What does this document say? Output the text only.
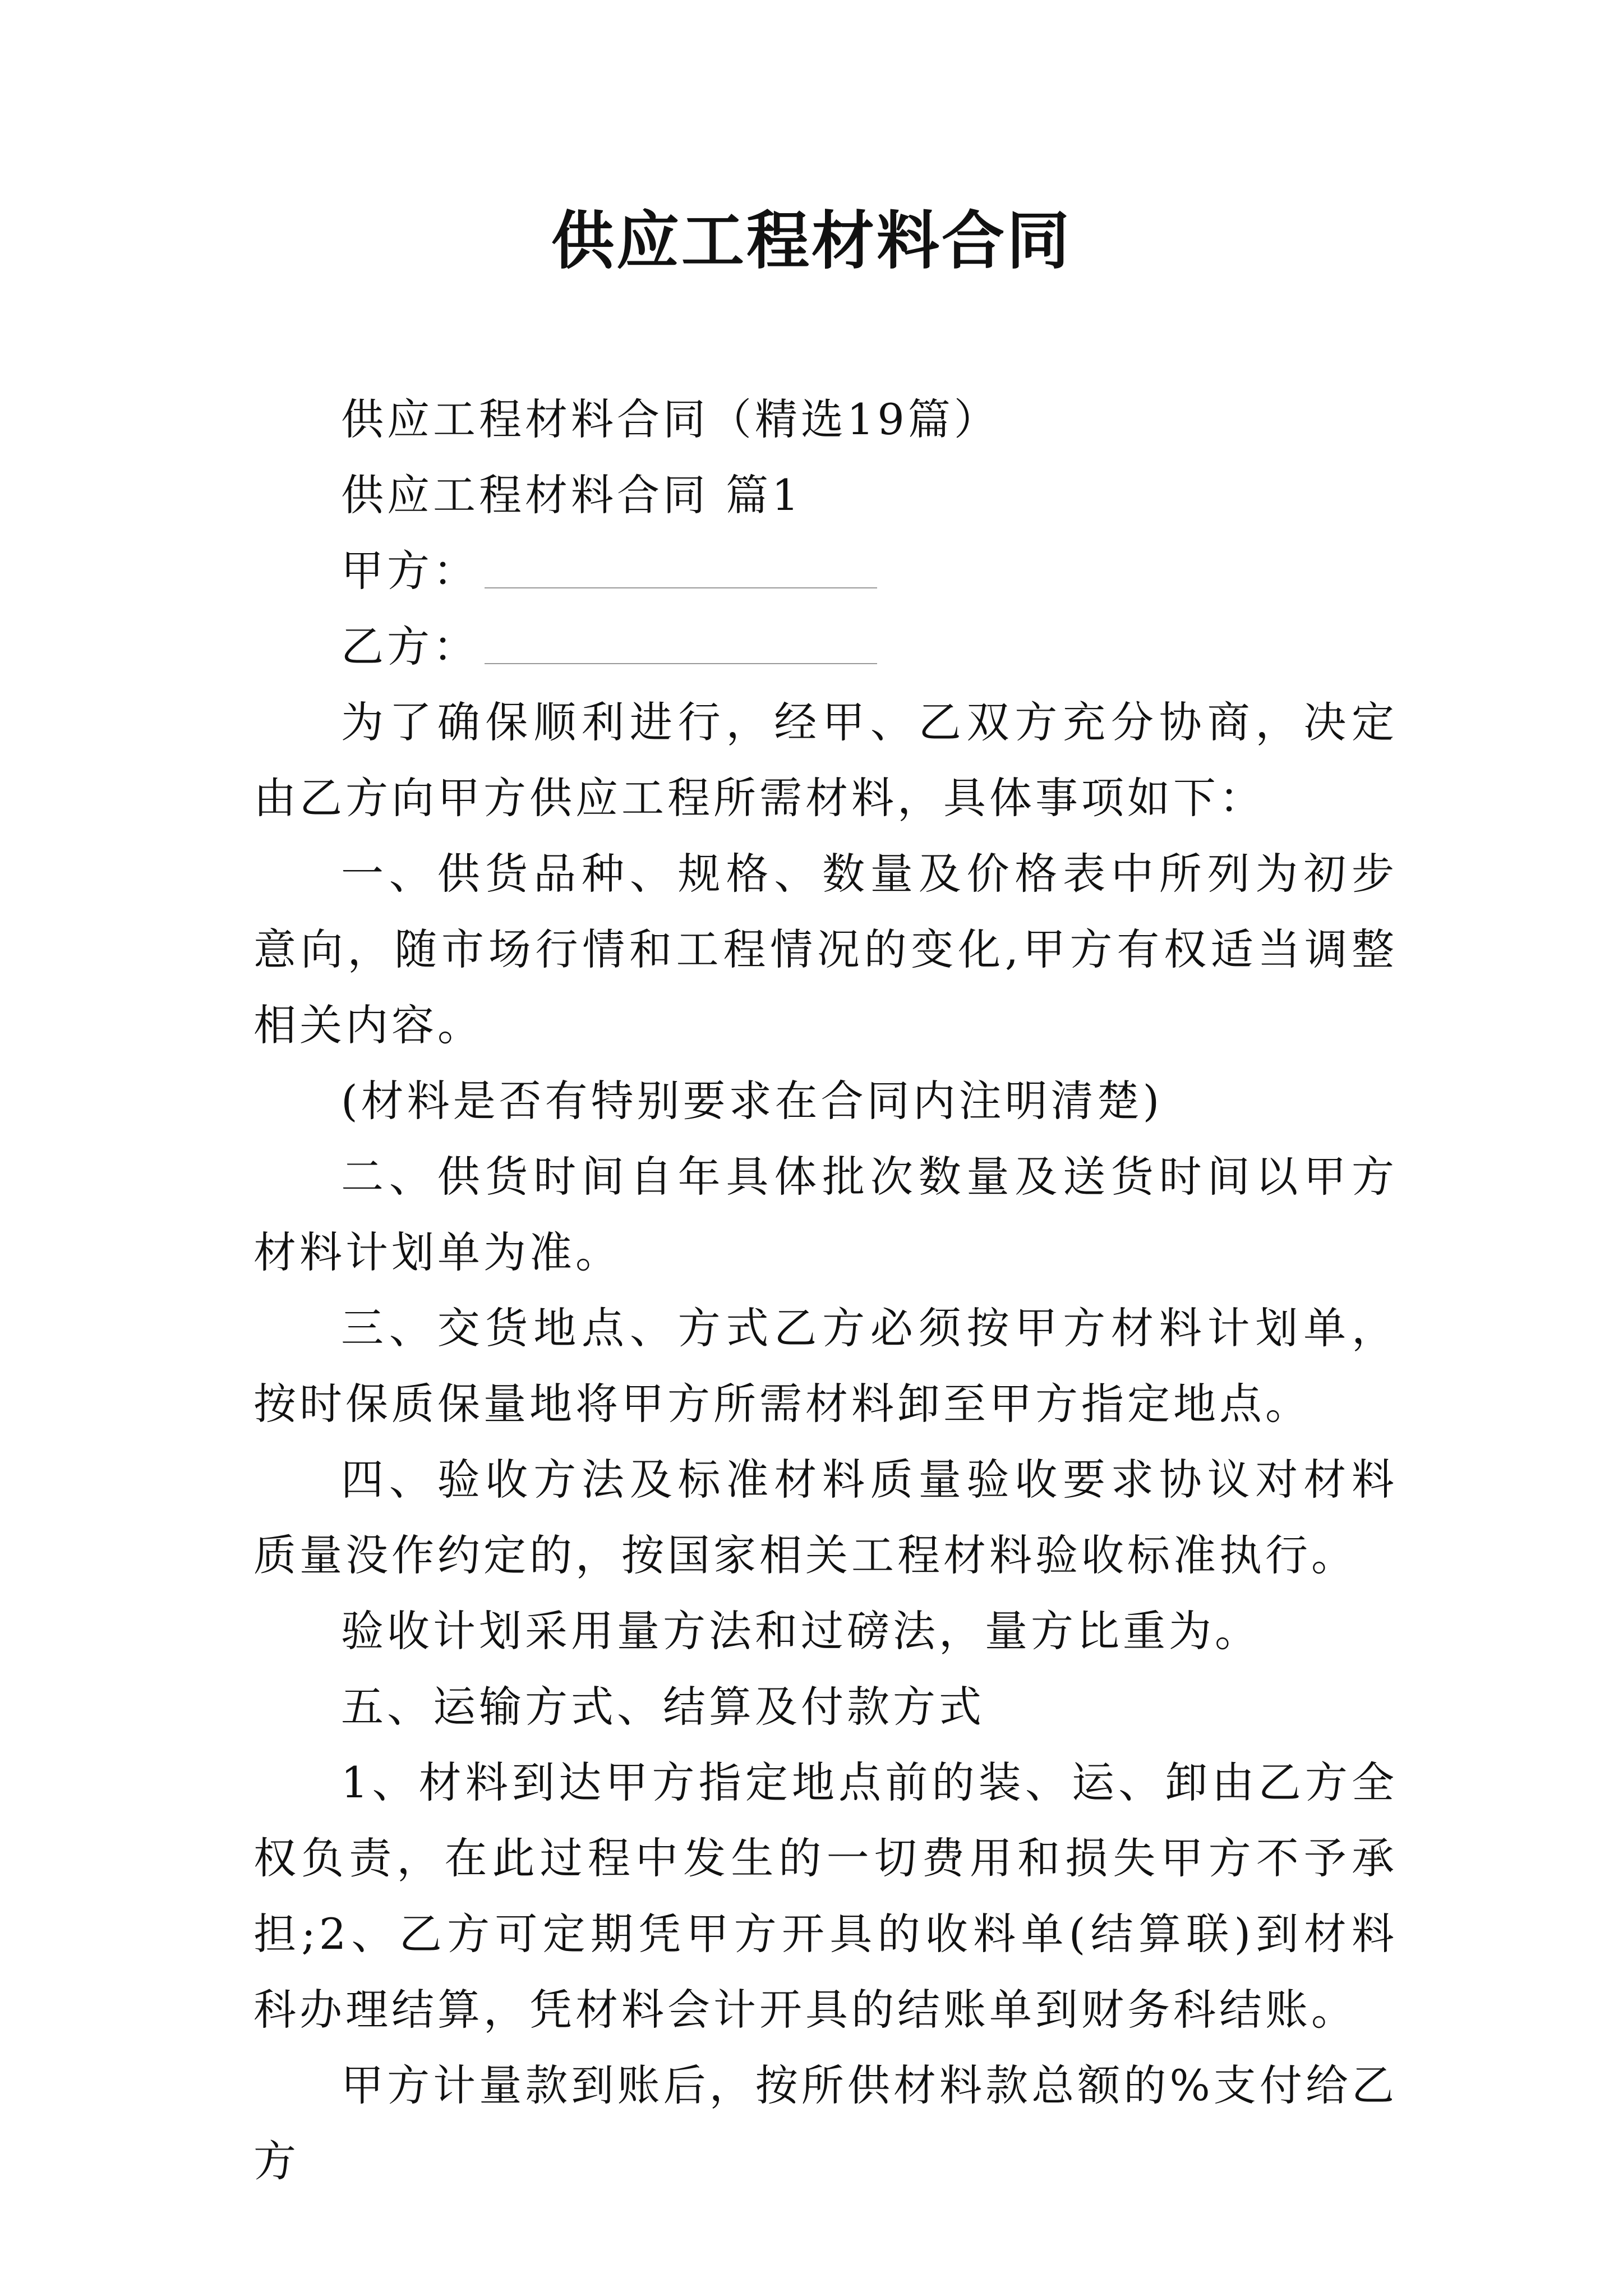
供应工程材料合同

供应工程材料合同（精选19篇）

供应工程材料合同 篇1

甲方：

乙方：

为了确保顺利进行，经甲、乙双方充分协商，决定由乙方向甲方供应工程所需材料，具体事项如下：

一、供货品种、规格、数量及价格表中所列为初步意向，随市场行情和工程情况的变化,甲方有权适当调整相关内容。

(材料是否有特别要求在合同内注明清楚)

二、供货时间自年具体批次数量及送货时间以甲方材料计划单为准。

三、交货地点、方式乙方必须按甲方材料计划单，按时保质保量地将甲方所需材料卸至甲方指定地点。

四、验收方法及标准材料质量验收要求协议对材料质量没作约定的，按国家相关工程材料验收标准执行。

验收计划采用量方法和过磅法，量方比重为。

五、运输方式、结算及付款方式

1、材料到达甲方指定地点前的装、运、卸由乙方全权负责，在此过程中发生的一切费用和损失甲方不予承担;2、乙方可定期凭甲方开具的收料单(结算联)到材料科办理结算，凭材料会计开具的结账单到财务科结账。

甲方计量款到账后，按所供材料款总额的%支付给乙方
